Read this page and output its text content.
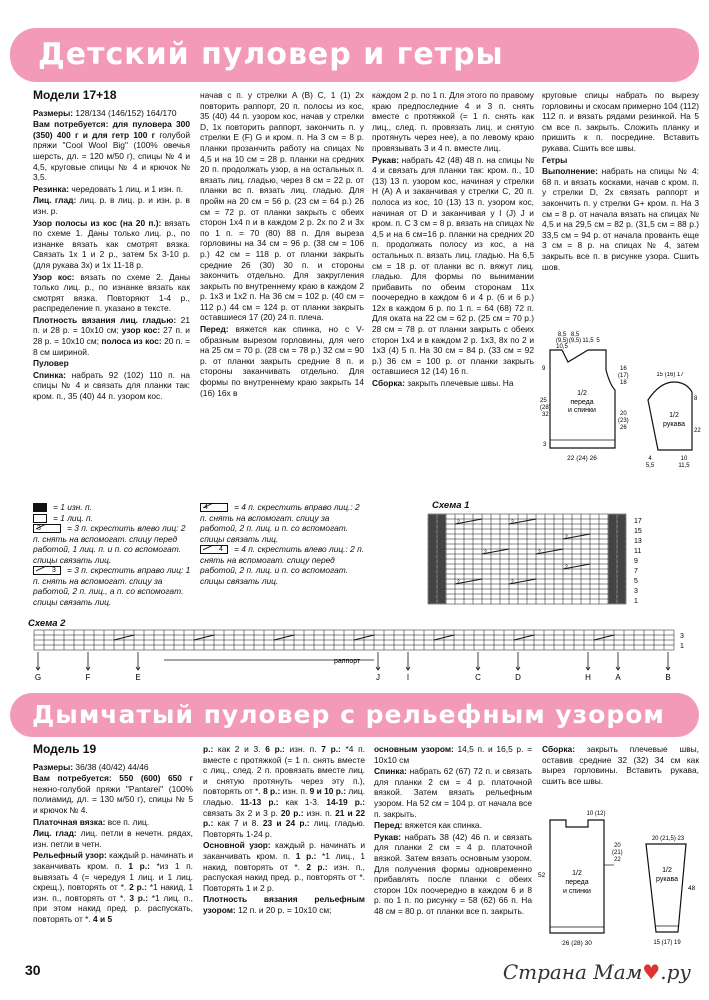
Детский пуловер и гетры
Модели 17+18

Размеры: 128/134 (146/152) 164/170

Вам потребуется: для пуловера 300 (350) 400 г и для гетр 100 г голубой пряжи "Cool Wool Big" (100% овечья шерсть, дл. = 120 м/50 г), спицы № 4 и 4,5, круговые спицы № 4 и крючок № 3,5.

Резинка: чередовать 1 лиц. и 1 изн. п.

Лиц. глад: лиц. р. в лиц. р. и изн. р. в изн. р.

Узор полосы из кос (на 20 п.): вязать по схеме 1. Даны только лиц. р., по изнанке вязать как смотрят вязка. Связать 1х 1 и 2 р., затем 5х 3-10 р. (для рукава 3х) и 1х 11-18 р.

Узор кос: вязать по схеме 2. Даны только лиц. р., по изнанке вязать как смотрят вязка. Повторяют 1-4 р., распределение п. указано в тексте.

Плотность вязания лиц. гладью: 21 п. и 28 р. = 10x10 см; узор кос: 27 п. и 28 р. = 10x10 см; полоса из кос: 20 п. = 8 см шириной.

Пуловер

Спинка: набрать 92 (102) 110 п. на спицы № 4 и связать для планки так: кром. п., 35 (40) 44 п. узором кос.

начав с п. у стрелки A (B) C, 1 (1) 2х повторить раппорт, 20 п. полосы из кос, 35 (40) 44 п. узором кос, начав у стрелки D, 1х повторить раппорт, закончить п. у стрелки E (F) G и кром. п. На 3 см = 8 р. планки прозанчить работу на спицах № 4,5 и на 10 см = 28 р. планки на средних 20 п. продолжать узор, а на остальных п. вязать лиц. гладью, через 8 см = 22 р. от планки вс п. вязать лиц. гладью. Для пройм на 20 см = 56 р. (23 см = 64 р.) 26 см = 72 р. от планки закрыть с обеих сторон 1x4 п и в каждом 2 р. 2х по 2 и 3х по 1 п. = 70 (80) 88 п. Для выреза горловины на 34 см = 96 р. (38 см = 106 р.) 42 см = 118 р. от планки закрыть средние 26 (30) 30 п. и стороны закончить отдельно. Для закругления закрыть по внутреннему краю в каждом 2 р. 1х3 и 1х2 п. На 36 см = 102 р. (40 см = 112 р.) 44 см = 124 р. от планки закрыть оставшиеся 17 (20) 24 п. плеча.

Перед: вяжется как спинка, но с V-образным вырезом горловины, для чего на 25 см = 70 р. (28 см = 78 р.) 32 см = 90 р. от планки закрыть средние 8 п. и стороны заканчивать отдельно. Для формы по внутреннему краю закрыть 14 (16) 16х в

каждом 2 р. по 1 п. Для этого по правому краю предпоследние 4 и 3 п. снять вместе с протяжкой (= 1 п. снять как лиц., след. п. провязать лиц. и снятую протянуть через нее), а по левому краю провязывать 3 и 4 п. вместе лиц.

Рукав: набрать 42 (48) 48 п. на спицы № 4 и связать для планки так: кром. п., 10 (13) 13 п. узором кос, начиная у стрелки H (A) A и заканчивая у стрелки C, 20 п. полоса из кос, 10 (13) 13 п. узором кос, начиная от D и заканчивая у I (J) J и кром. п. С 3 см = 8 р. вязать на спицах № 4,5 и на 6 см=16 р. планки на средних 20 п. продолжать полосу из кос, а на остальных п. вязать лиц. гладью. На 6,5 см = 18 р. от планки вс п. вяжут лиц. гладью. Для формы по вынимании прибавить по обеим сторонам 11x поочередно в каждом 6 и 4 р. (6 и 6 р.) 12x в каждом 6 р. по 1 п. = 64 (68) 72 п. Для оката на 22 см = 62 р. (25 см = 70 р.) 28 см = 78 р. от планки закрыть с обеих сторон 1x4 и в каждом 2 р. 1х3, 8х по 2 и 1х3 (4) 5 п. На 30 см = 84 р. (33 см = 92 р.) 36 см = 100 р. от планки закрыть оставшиеся 12 (14) 16 п.

Сборка: закрыть плечевые швы. На

круговые спицы набрать по вырезу горловины и скосам примерно 104 (112) 112 п. и вязать рядами резинкой. На 5 см все п. закрыть. Сложить планку и пришить к п. посредине. Вставить рукава. Сшить все швы.

Гетры

Выполнение: набрать на спицы № 4: 68 п. и вязать косками, начав с кром. п. у стрелки D, 2х связать раппорт и закончить п. у стрелки G+ кром. п. На 3 см = 8 р. от начала вязать на спицах № 4,5 и на 29,5 см = 82 р. (31,5 см = 88 р.) 33,5 см = 94 р. от начала прованть еще 3 см = 8 р. на спицах № 4, затем закрыть все п. в рисунке узора. Сшить шов.

= 1 изн. п.
= 1 лиц. п.
3	= 3 п. скрестить влево лиц: 2 п. снять на вспомогат. спицу перед работой, 1 лиц. п. и п. со вспомогат. спицы связать лиц.
3 = 3 п. скрестить вправо лиц: 1 п. снять на вспомогат. спицу за работой, 2 п. лиц., а п. со вспомогат. спицы связать лиц.
4	= 4 п. скрестить вправо лиц.: 2 п. снять на вспомогат. спицу за работой, 2 п. лиц. и п. со вспомогат. спицы связать лиц.
4 = 4 п. скрестить влево лиц.: 2 п. снять на вспомогат. спицу перед работой, 2 п. лиц. и п. со вспомогат. спицы связать лиц.
1/2
переда
и спинки
8,5
(9,5)
10,5
8,5
(9,5) 11,5 5
9
25
(28)
32
3
16
(17)
18
20
(23)
26
22 (24) 26
15 (16) 17
1/2
рукава
8
22
4
5,5
10
11,5
Схема 1
2	2
2	2
2	2
2
2
17
15
13
11
9
7
5
3
1
Схема 2
3
1
раппорт
G	F	E	J	I	C	D	H	A	B
Дымчатый пуловер с рельефным узором
Модель 19

Размеры: 36/38 (40/42) 44/46

Вам потребуется: 550 (600) 650 г нежно-голубой пряжи "Pantarei" (100% полиамид, дл. = 130 м/50 г), спицы № 5 и крючок № 4.

Платочная вязка: все п. лиц.

Лиц. глад: лиц. петли в нечетн. рядах, изн. петли в четн.

Рельефный узор: каждый р. начинать и заканчивать кром. п. 1 р.: *из 1 п. вывязать 4 (= чередуя 1 лиц. и 1 лиц. скрещ.), повторять от *. 2 р.: *1 накид, 1 изн. п., повторять от *. 3 р.: *1 лиц. п., при этом накид пред. р. распускать, повторять от *. 4 и 5

р.: как 2 и 3. 6 р.: изн. п. 7 р.: *4 п. вместе с протяжкой (= 1 п. снять вместе с лиц., след. 2 п. провязать вместе лиц. и снятую протянуть через эту п.), повторять от *. 8 р.: изн. п. 9 и 10 р.: лиц. гладью. 11-13 р.: как 1-3. 14-19 р.: связать 3х 2 и 3 р. 20 р.: изн. п. 21 и 22 р.: как 7 и 8. 23 и 24 р.: лиц. гладью. Повторять 1-24 р.

Основной узор: каждый р. начинать и заканчивать кром. п. 1 р.: *1 лиц., 1 накид, повторять от *. 2 р.: изн. п., распуская накид пред. р., повторять от *. Повторять 1 и 2 р.

Плотность вязания рельефным узором: 12 п. и 20 р. = 10x10 см;

основным узором: 14,5 п. и 16,5 р. = 10x10 см

Спинка: набрать 62 (67) 72 п. и связать для планки 2 см = 4 р. платочной вязкой. Затем вязать рельефным узором. На 52 см = 104 р. от начала все п. закрыть.

Перед: вяжется как спинка.

Рукав: набрать 38 (42) 46 п. и связать для планки 2 см = 4 р. платочной вязкой. Затем вязать основным узором. Для получения формы одновременно прибавлять после планки с обеих сторон 10х поочередно в каждом 6 и 8 р. по 1 п. по рисунку = 58 (62) 66 п. На 48 см = 80 р. от планки все п. закрыть.

Сборка: закрыть плечевые швы, оставив средние 32 (32) 34 см как вырез горловины. Вставить рукава, сшить все швы.

10 (12)
52
20
(21)
22
1/2
переда
и спинки
26 (28) 30
20 (21,5) 23
1/2
рукава
48
15 (17) 19
30	Страна Мам♥.ру
